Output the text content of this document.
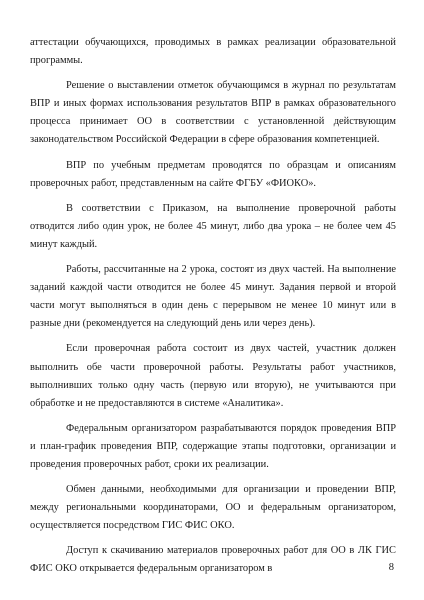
аттестации обучающихся, проводимых в рамках реализации образовательной программы.

Решение о выставлении отметок обучающимся в журнал по результатам ВПР и иных формах использования результатов ВПР в рамках образовательного процесса принимает ОО в соответствии с установленной действующим законодательством Российской Федерации в сфере образования компетенцией.

ВПР по учебным предметам проводятся по образцам и описаниям проверочных работ, представленным на сайте ФГБУ «ФИОКО».

В соответствии с Приказом, на выполнение проверочной работы отводится либо один урок, не более 45 минут, либо два урока – не более чем 45 минут каждый.

Работы, рассчитанные на 2 урока, состоят из двух частей. На выполнение заданий каждой части отводится не более 45 минут. Задания первой и второй части могут выполняться в один день с перерывом не менее 10 минут или в разные дни (рекомендуется на следующий день или через день).

Если проверочная работа состоит из двух частей, участник должен выполнить обе части проверочной работы. Результаты работ участников, выполнивших только одну часть (первую или вторую), не учитываются при обработке и не предоставляются в системе «Аналитика».

Федеральным организатором разрабатываются порядок проведения ВПР и план-график проведения ВПР, содержащие этапы подготовки, организации и проведения проверочных работ, сроки их реализации.

Обмен данными, необходимыми для организации и проведении ВПР, между региональными координаторами, ОО и федеральным организатором, осуществляется посредством ГИС ФИС ОКО.

Доступ к скачиванию материалов проверочных работ для ОО в ЛК ГИС ФИС ОКО открывается федеральным организатором в	8
